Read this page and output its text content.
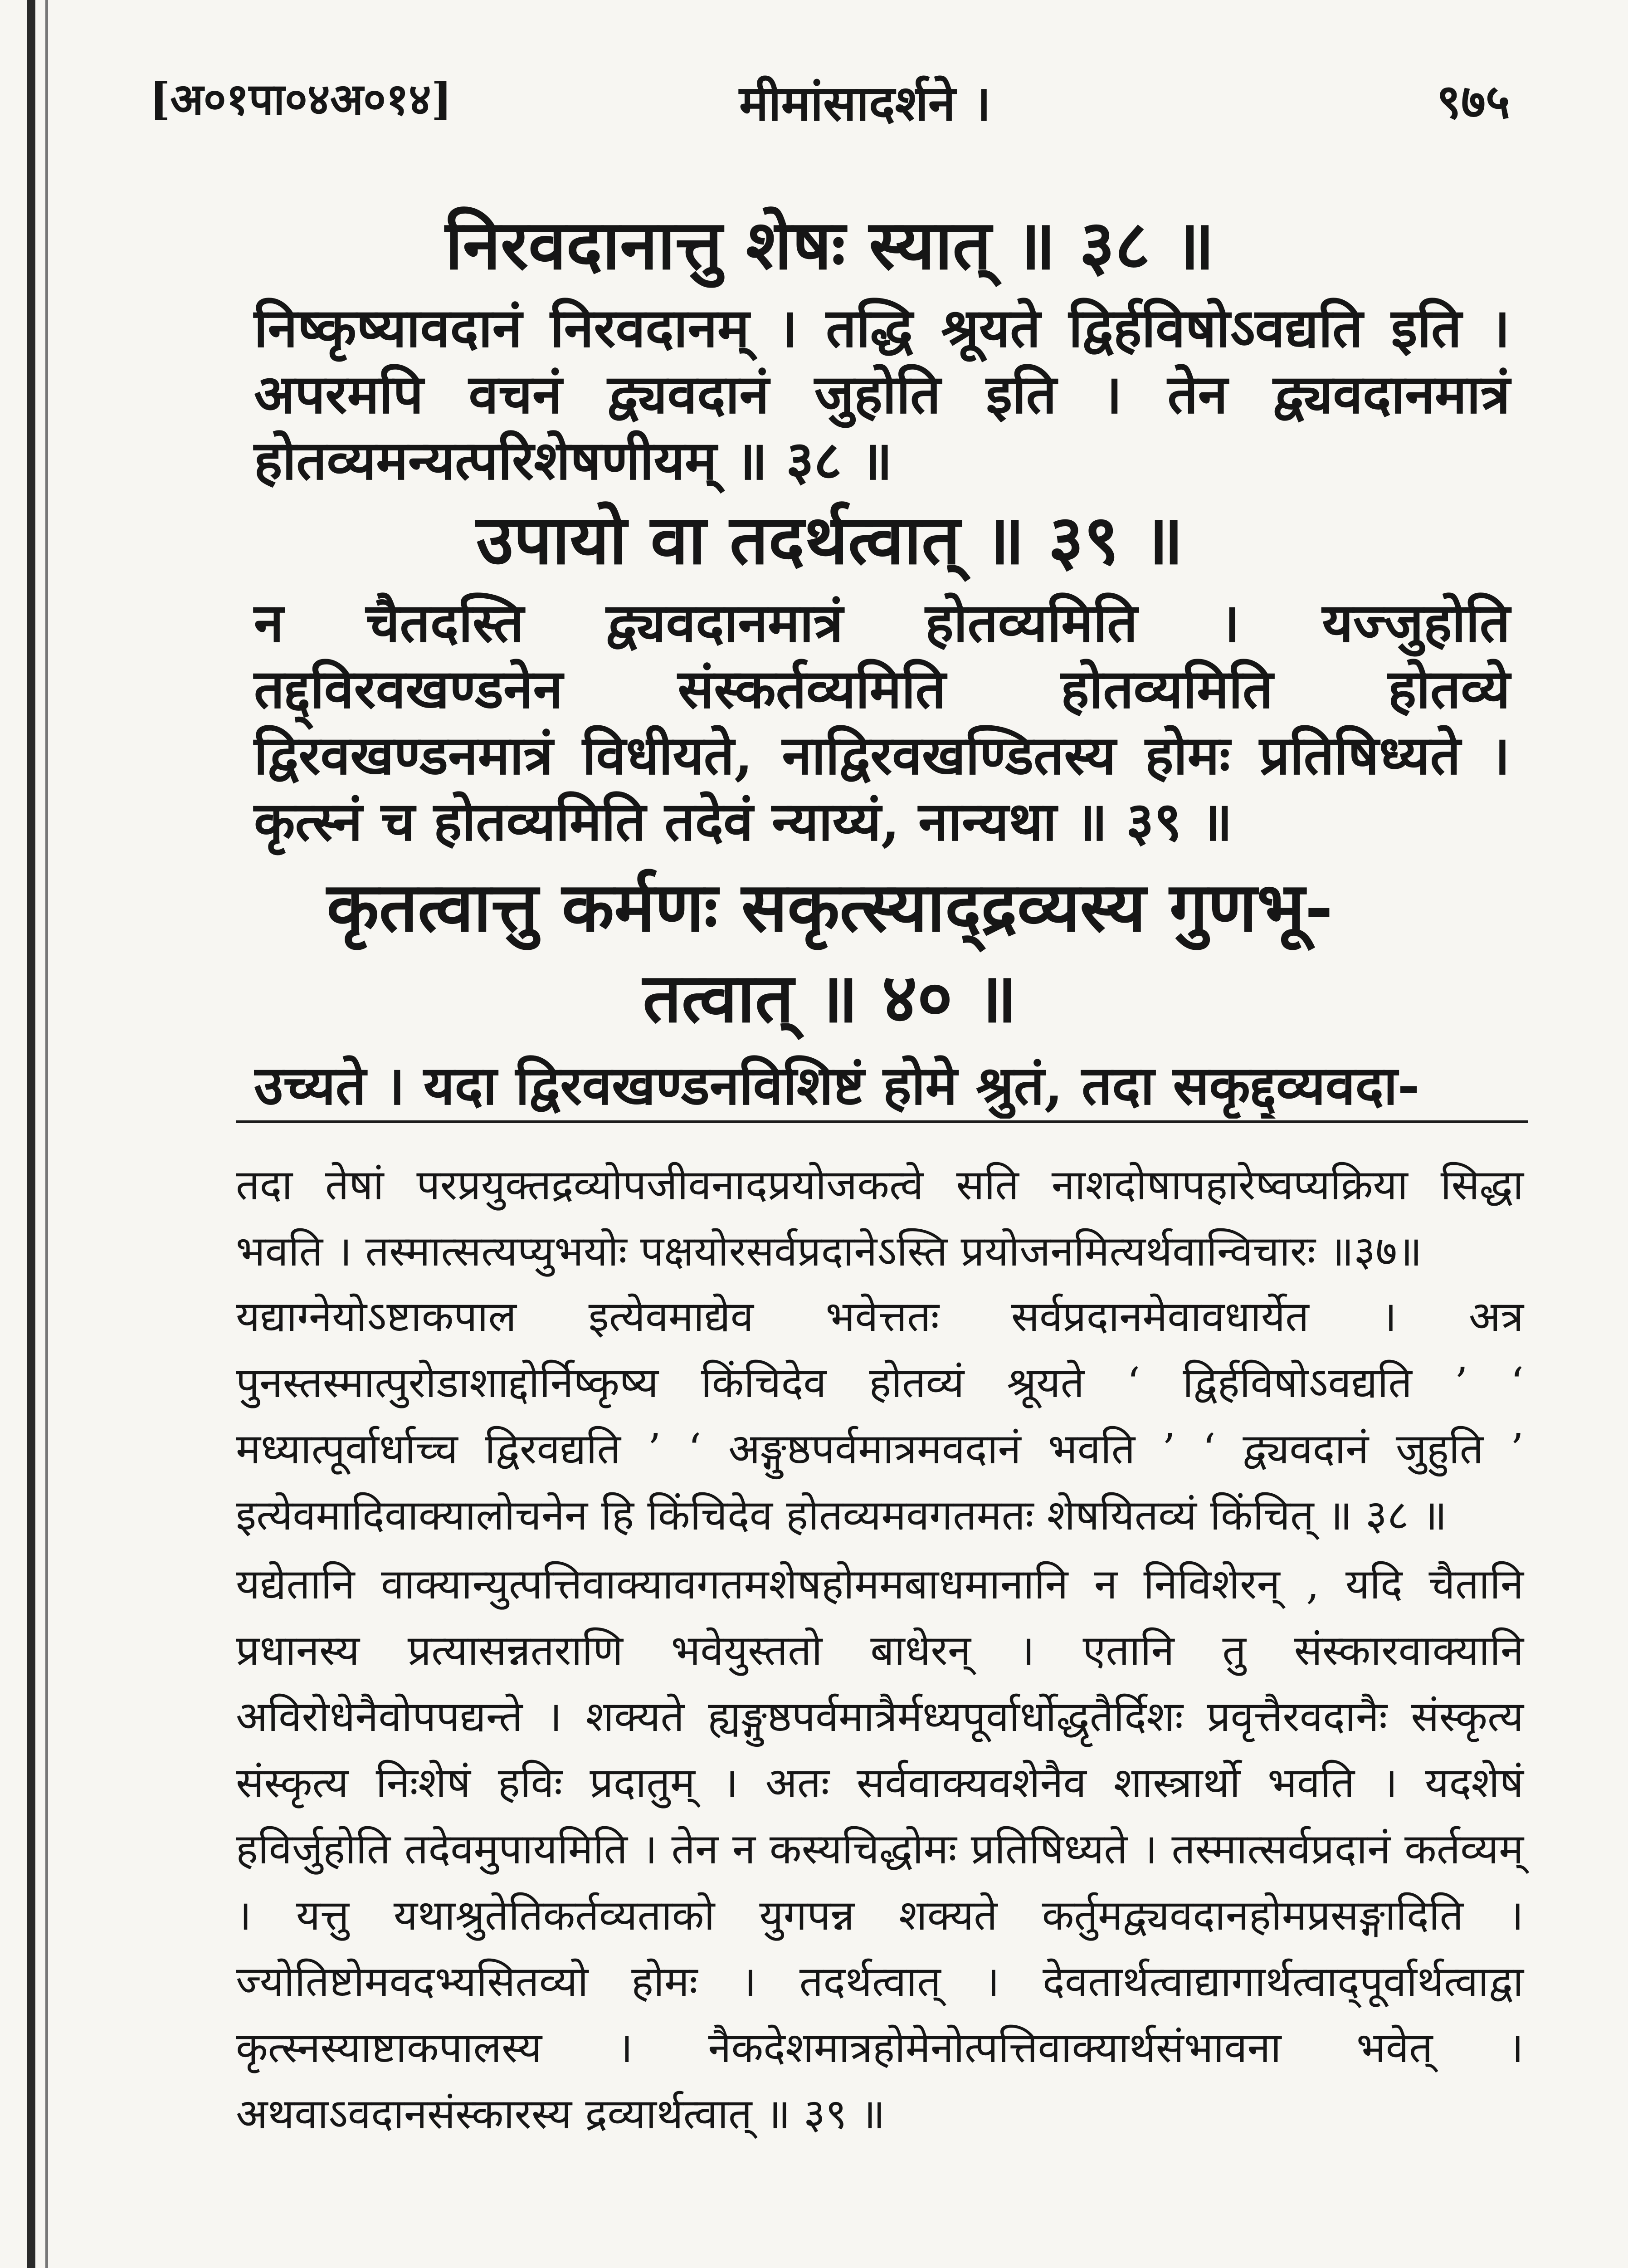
[अ०१पा०४अ०१४]	मीमांसादर्शने ।	९७५
निरवदानात्तु शेषः स्यात् ॥ ३८ ॥
निष्कृष्यावदानं निरवदानम् । तद्धि श्रूयते द्विर्हविषोऽवद्यति इति । अपरमपि वचनं द्व्यवदानं जुहोति इति । तेन द्व्यवदानमात्रं होतव्यमन्यत्परिशेषणीयम् ॥ ३८ ॥
उपायो वा तदर्थत्वात् ॥ ३९ ॥
न चैतदस्ति द्व्यवदानमात्रं होतव्यमिति । यज्जुहोति तद्द्विरवखण्डनेन संस्कर्तव्यमिति होतव्यमिति होतव्ये द्विरवखण्डनमात्रं विधीयते, नाद्विरवखण्डितस्य होमः प्रतिषिध्यते । कृत्स्नं च होतव्यमिति तदेवं न्याय्यं, नान्यथा ॥ ३९ ॥
कृतत्वात्तु कर्मणः सकृत्स्याद्द्रव्यस्य गुणभू-
तत्वात् ॥ ४० ॥
उच्यते । यदा द्विरवखण्डनविशिष्टं होमे श्रुतं, तदा सकृद्द्व्यवदा-
तदा तेषां परप्रयुक्तद्रव्योपजीवनादप्रयोजकत्वे सति नाशदोषापहारेष्वप्यक्रिया सिद्धा भवति । तस्मात्सत्यप्युभयोः पक्षयोरसर्वप्रदानेऽस्ति प्रयोजनमित्यर्थवान्विचारः ॥३७॥
यद्याग्नेयोऽष्टाकपाल इत्येवमाद्येव भवेत्ततः सर्वप्रदानमेवावधार्येत । अत्र पुनस्तस्मात्पुरोडाशाद्दोर्निष्कृष्य किंचिदेव होतव्यं श्रूयते ‘ द्विर्हविषोऽवद्यति ’ ‘ मध्यात्पूर्वार्धाच्च द्विरवद्यति ’ ‘ अङ्गुष्ठपर्वमात्रमवदानं भवति ’ ‘ द्व्यवदानं जुहुति ’ इत्येवमादिवाक्यालोचनेन हि किंचिदेव होतव्यमवगतमतः शेषयितव्यं किंचित् ॥ ३८ ॥
यद्येतानि वाक्यान्युत्पत्तिवाक्यावगतमशेषहोममबाधमानानि न निविशेरन् , यदि चैतानि प्रधानस्य प्रत्यासन्नतराणि भवेयुस्ततो बाधेरन् । एतानि तु संस्कारवाक्यानि अविरोधेनैवोपपद्यन्ते । शक्यते ह्यङ्गुष्ठपर्वमात्रैर्मध्यपूर्वार्धोद्धृतैर्दिशः प्रवृत्तैरवदानैः संस्कृत्य संस्कृत्य निःशेषं हविः प्रदातुम् । अतः सर्ववाक्यवशेनैव शास्त्रार्थो भवति । यदशेषं हविर्जुहोति तदेवमुपायमिति । तेन न कस्यचिद्धोमः प्रतिषिध्यते । तस्मात्सर्वप्रदानं कर्तव्यम् । यत्तु यथाश्रुतेतिकर्तव्यताको युगपन्न शक्यते कर्तुमद्व्यवदानहोमप्रसङ्गादिति । ज्योतिष्टोमवदभ्यसितव्यो होमः । तदर्थत्वात् । देवतार्थत्वाद्यागार्थत्वाद्पूर्वार्थत्वाद्वा कृत्स्नस्याष्टाकपालस्य । नैकदेशमात्रहोमेनोत्पत्तिवाक्यार्थसंभावना भवेत् । अथवाऽवदानसंस्कारस्य द्रव्यार्थत्वात् ॥ ३९ ॥
